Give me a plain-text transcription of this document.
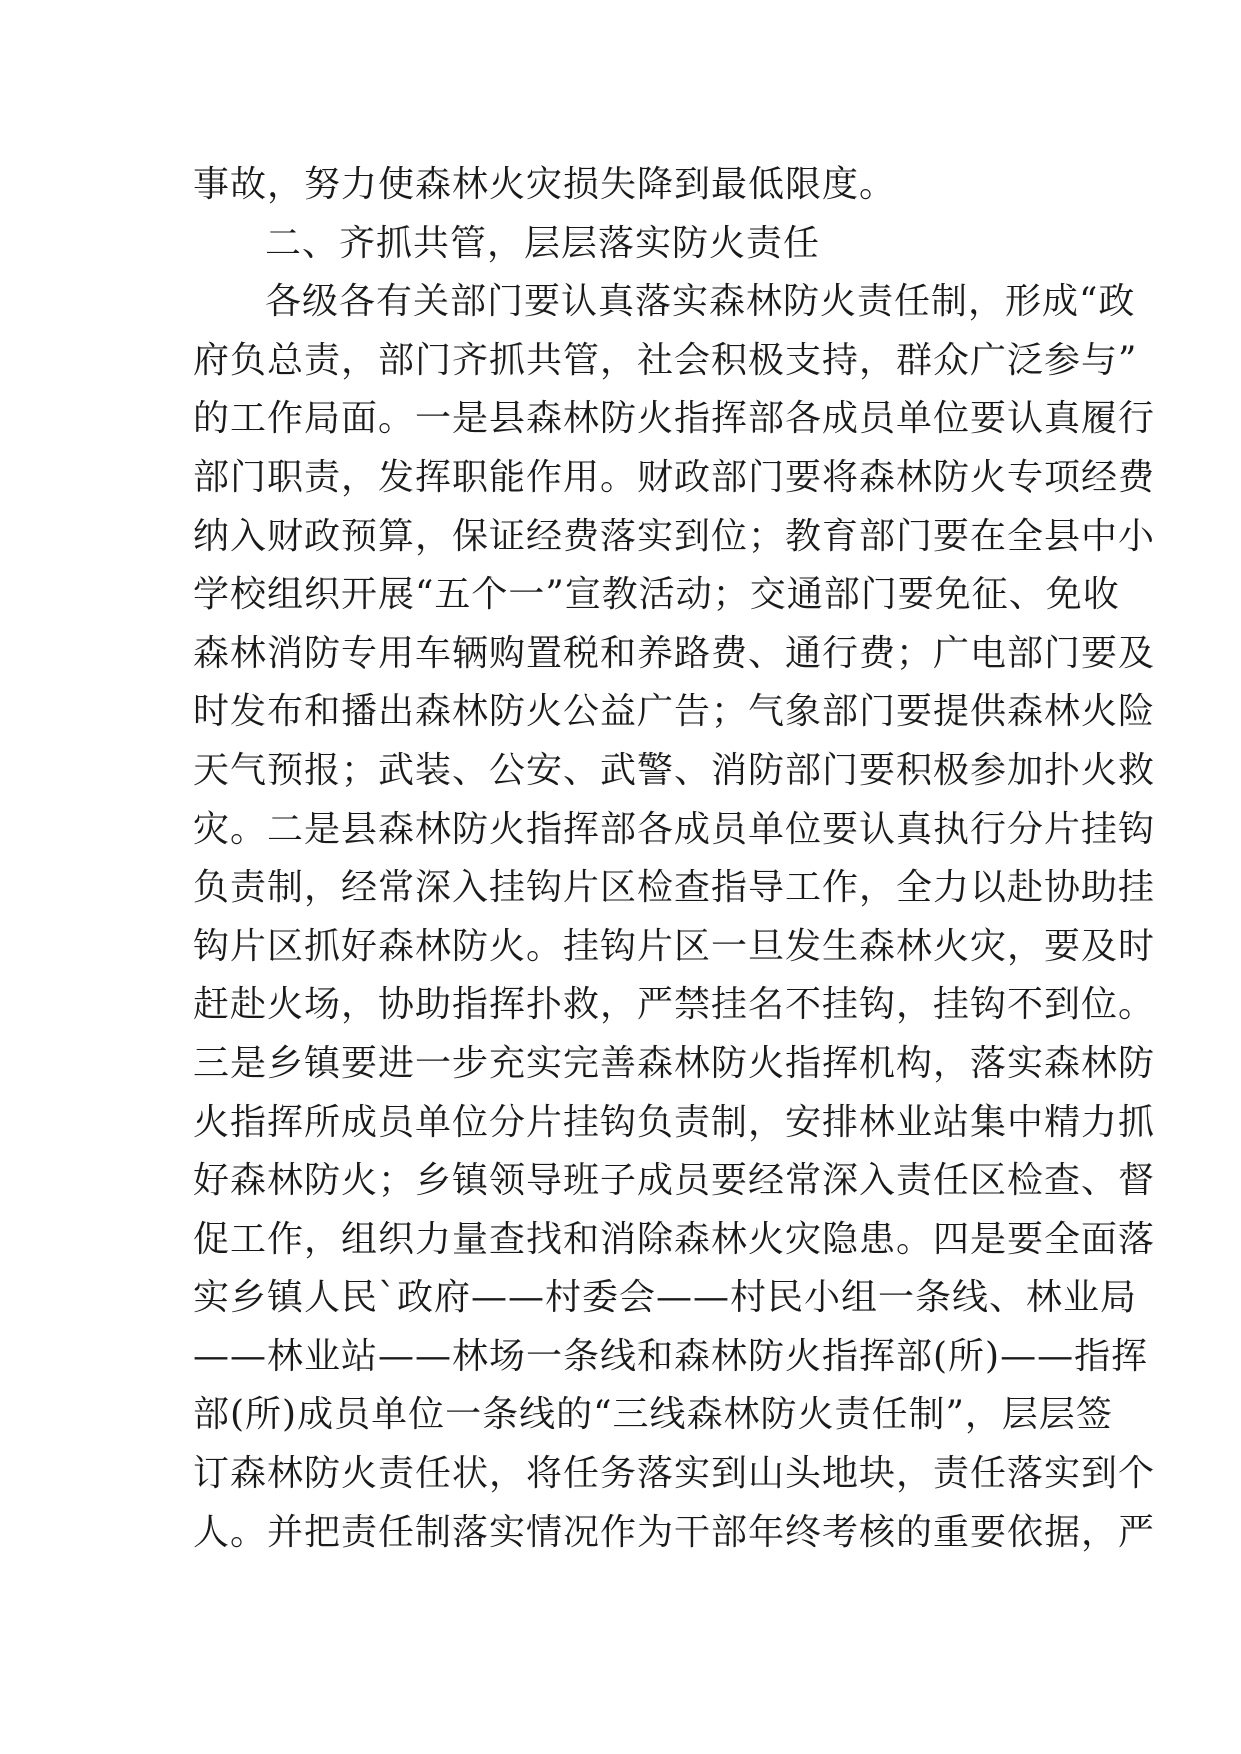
事故，努力使森林火灾损失降到最低限度。
二、齐抓共管，层层落实防火责任
各级各有关部门要认真落实森林防火责任制，形成“政
府负总责，部门齐抓共管，社会积极支持，群众广泛参与”
的工作局面。一是县森林防火指挥部各成员单位要认真履行
部门职责，发挥职能作用。财政部门要将森林防火专项经费
纳入财政预算，保证经费落实到位；教育部门要在全县中小
学校组织开展“五个一”宣教活动；交通部门要免征、免收
森林消防专用车辆购置税和养路费、通行费；广电部门要及
时发布和播出森林防火公益广告；气象部门要提供森林火险
天气预报；武装、公安、武警、消防部门要积极参加扑火救
灾。二是县森林防火指挥部各成员单位要认真执行分片挂钩
负责制，经常深入挂钩片区检查指导工作，全力以赴协助挂
钩片区抓好森林防火。挂钩片区一旦发生森林火灾，要及时
赶赴火场，协助指挥扑救，严禁挂名不挂钩，挂钩不到位。
三是乡镇要进一步充实完善森林防火指挥机构，落实森林防
火指挥所成员单位分片挂钩负责制，安排林业站集中精力抓
好森林防火；乡镇领导班子成员要经常深入责任区检查、督
促工作，组织力量查找和消除森林火灾隐患。四是要全面落
实乡镇人民`政府——村委会——村民小组一条线、林业局
——林业站——林场一条线和森林防火指挥部(所)——指挥
部(所)成员单位一条线的“三线森林防火责任制”，层层签
订森林防火责任状，将任务落实到山头地块，责任落实到个
人。并把责任制落实情况作为干部年终考核的重要依据，严
